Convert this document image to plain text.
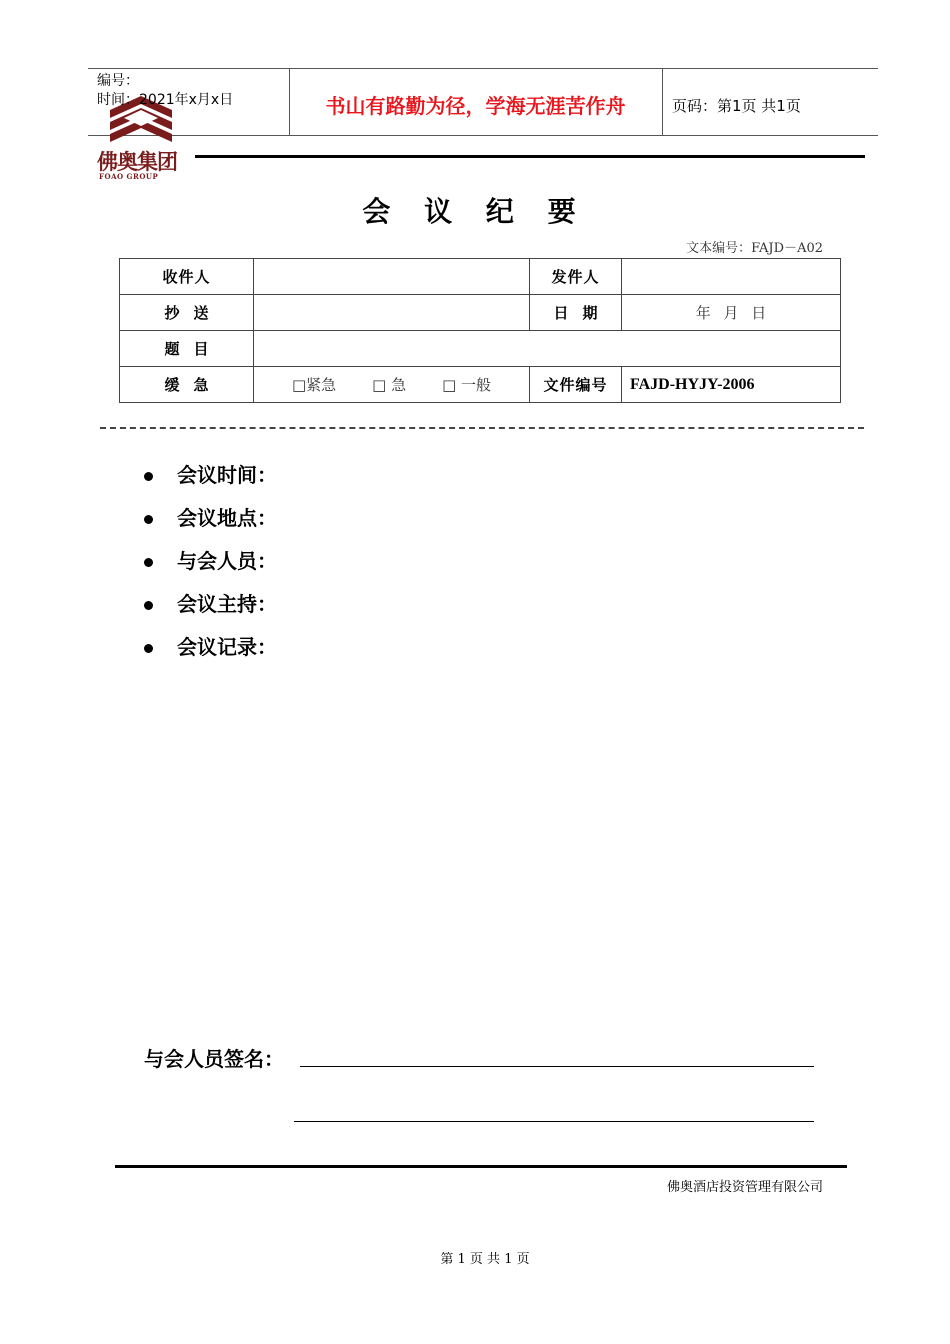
编号：
时间：2021年x月x日	书山有路勤为径，学海无涯苦作舟	页码：第1页 共1页
佛奥集团
FOAO GROUP
会 议 纪 要
文本编号：FAJD－A02
收件人		发件人	
抄送		日期	年 月 日
题目			
缓急	□紧急 □ 急 □ 一般	文件编号	FAJD-HYJY-2006
会议时间：
会议地点：
与会人员：
会议主持：
会议记录：
与会人员签名：
佛奥酒店投资管理有限公司
第 1 页 共 1 页
